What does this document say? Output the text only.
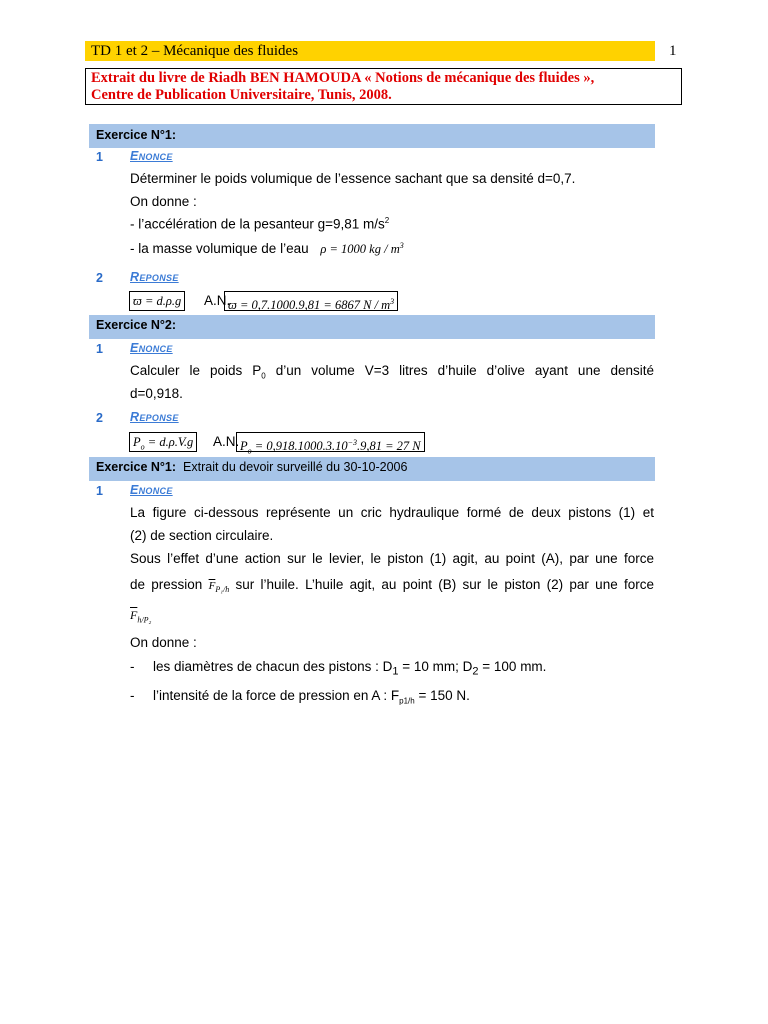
TD 1 et 2 – Mécanique des fluides	1
Extrait du livre de Riadh BEN HAMOUDA « Notions de mécanique des fluides »,
Centre de Publication Universitaire, Tunis, 2008.
Exercice N°1:
1 Enonce
Déterminer le poids volumique de l’essence sachant que sa densité d=0,7.
On donne :
- l’accélération de la pesanteur g=9,81 $m/s^2$
- la masse volumique de l’eau ρ = 1000 kg / $m^3$
2 Reponse
ϖ = d.ρ.g A.N.
ϖ = 0,7.1000.9,81 = 6867 N / $m^3$
Exercice N°2:
1 Enonce
Calculer le poids $P_0$ d’un volume V=3 litres d’huile d’olive ayant une densité
d=0,918.
2 Reponse
$P_o = d.\rho.V.g$ A.N. $P_o = 0,918.1000.3.10^{-3}.9,81 = 27$ N
Exercice N°1: Extrait du devoir surveillé du 30-10-2006
1 Enonce
La figure ci-dessous représente un cric hydraulique formé de deux pistons (1) et
(2) de section circulaire.
Sous l’effet d’une action sur le levier, le piston (1) agit, au point (A), par une force
de pression $\overline{F}_{P_1/h}$ sur l’huile. L’huile agit, au point (B) sur le piston (2) par une force
$\overline{F}_{h/P_2}$
On donne :
- les diamètres de chacun des pistons : $D_1 = 10$ mm; $D_2 = 100$ mm.
- l’intensité de la force de pression en A : $F_{p1/h} = 150$ N.
